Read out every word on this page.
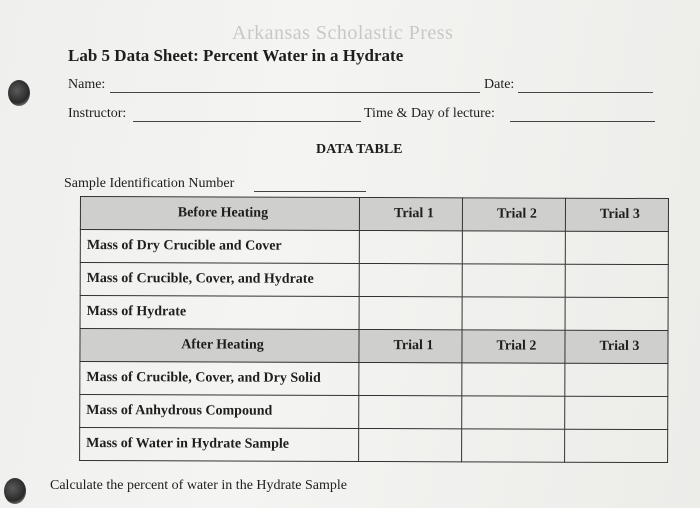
Arkansas Scholastic Press
Lab 5 Data Sheet: Percent Water in a Hydrate
Name:	Date:
Instructor:	Time & Day of lecture:
DATA TABLE
Sample Identification Number
Before Heating	Trial 1	Trial 2	Trial 3
Mass of Dry Crucible and Cover			
Mass of Crucible, Cover, and Hydrate			
Mass of Hydrate			
After Heating	Trial 1	Trial 2	Trial 3
Mass of Crucible, Cover, and Dry Solid			
Mass of Anhydrous Compound			
Mass of Water in Hydrate Sample			
Calculate the percent of water in the Hydrate Sample
